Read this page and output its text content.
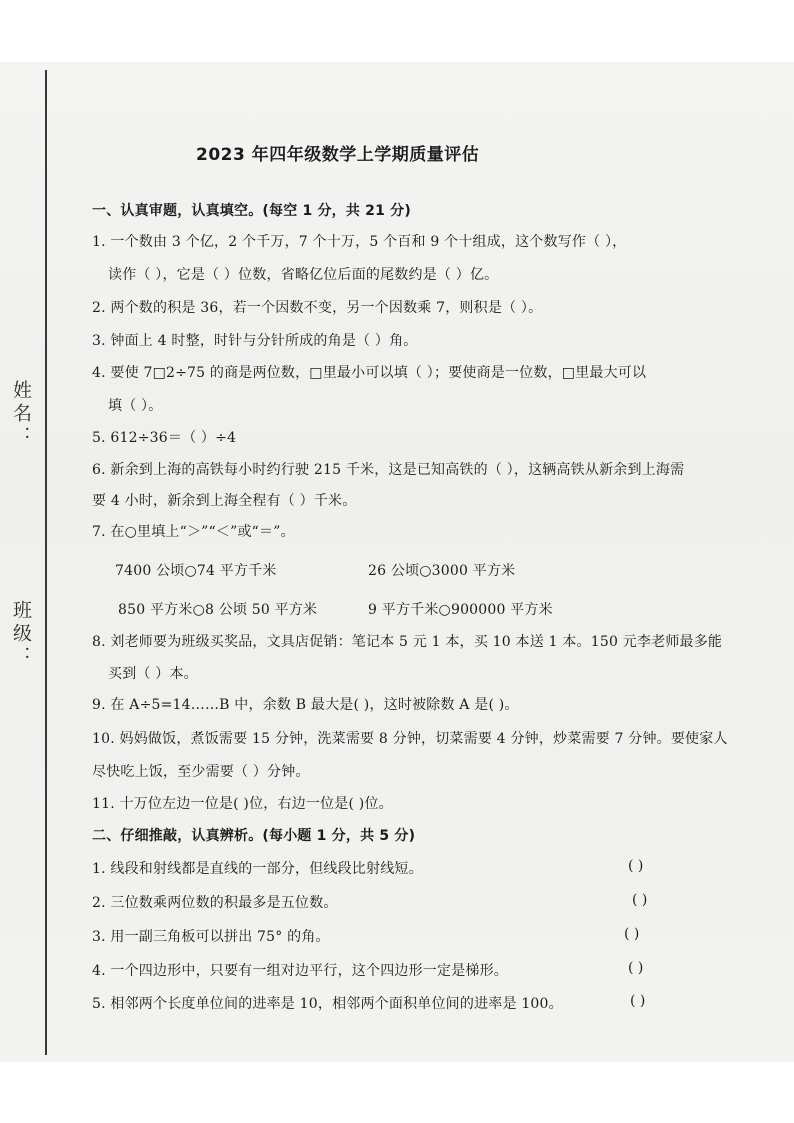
姓名：
班级：
2023 年四年级数学上学期质量评估
一、认真审题，认真填空。(每空 1 分，共 21 分)
1. 一个数由 3 个亿，2 个千万，7 个十万，5 个百和 9 个十组成，这个数写作（ ），
读作（ ），它是（ ）位数，省略亿位后面的尾数约是（ ）亿。
2. 两个数的积是 36，若一个因数不变，另一个因数乘 7，则积是（ ）。
3. 钟面上 4 时整，时针与分针所成的角是（ ）角。
4. 要使 7□2÷75 的商是两位数，□里最小可以填（ ）；要使商是一位数，□里最大可以
填（ ）。
5. 612÷36＝（ ）÷4
6. 新余到上海的高铁每小时约行驶 215 千米，这是已知高铁的（ ），这辆高铁从新余到上海需
要 4 小时，新余到上海全程有（ ）千米。
7. 在○里填上“＞”“＜”或“＝”。
7400 公顷○74 平方千米	26 公顷○3000 平方米
850 平方米○8 公顷 50 平方米	9 平方千米○900000 平方米
8. 刘老师要为班级买奖品，文具店促销：笔记本 5 元 1 本，买 10 本送 1 本。150 元李老师最多能
买到（ ）本。
9. 在 A÷5=14……B 中，余数 B 最大是( )，这时被除数 A 是( )。
10. 妈妈做饭，煮饭需要 15 分钟，洗菜需要 8 分钟，切菜需要 4 分钟，炒菜需要 7 分钟。要使家人
尽快吃上饭，至少需要（ ）分钟。
11. 十万位左边一位是( )位，右边一位是( )位。
二、仔细推敲，认真辨析。(每小题 1 分，共 5 分)
1. 线段和射线都是直线的一部分，但线段比射线短。	( )
2. 三位数乘两位数的积最多是五位数。	( )
3. 用一副三角板可以拼出 75° 的角。	( )
4. 一个四边形中，只要有一组对边平行，这个四边形一定是梯形。	( )
5. 相邻两个长度单位间的进率是 10，相邻两个面积单位间的进率是 100。	( )
